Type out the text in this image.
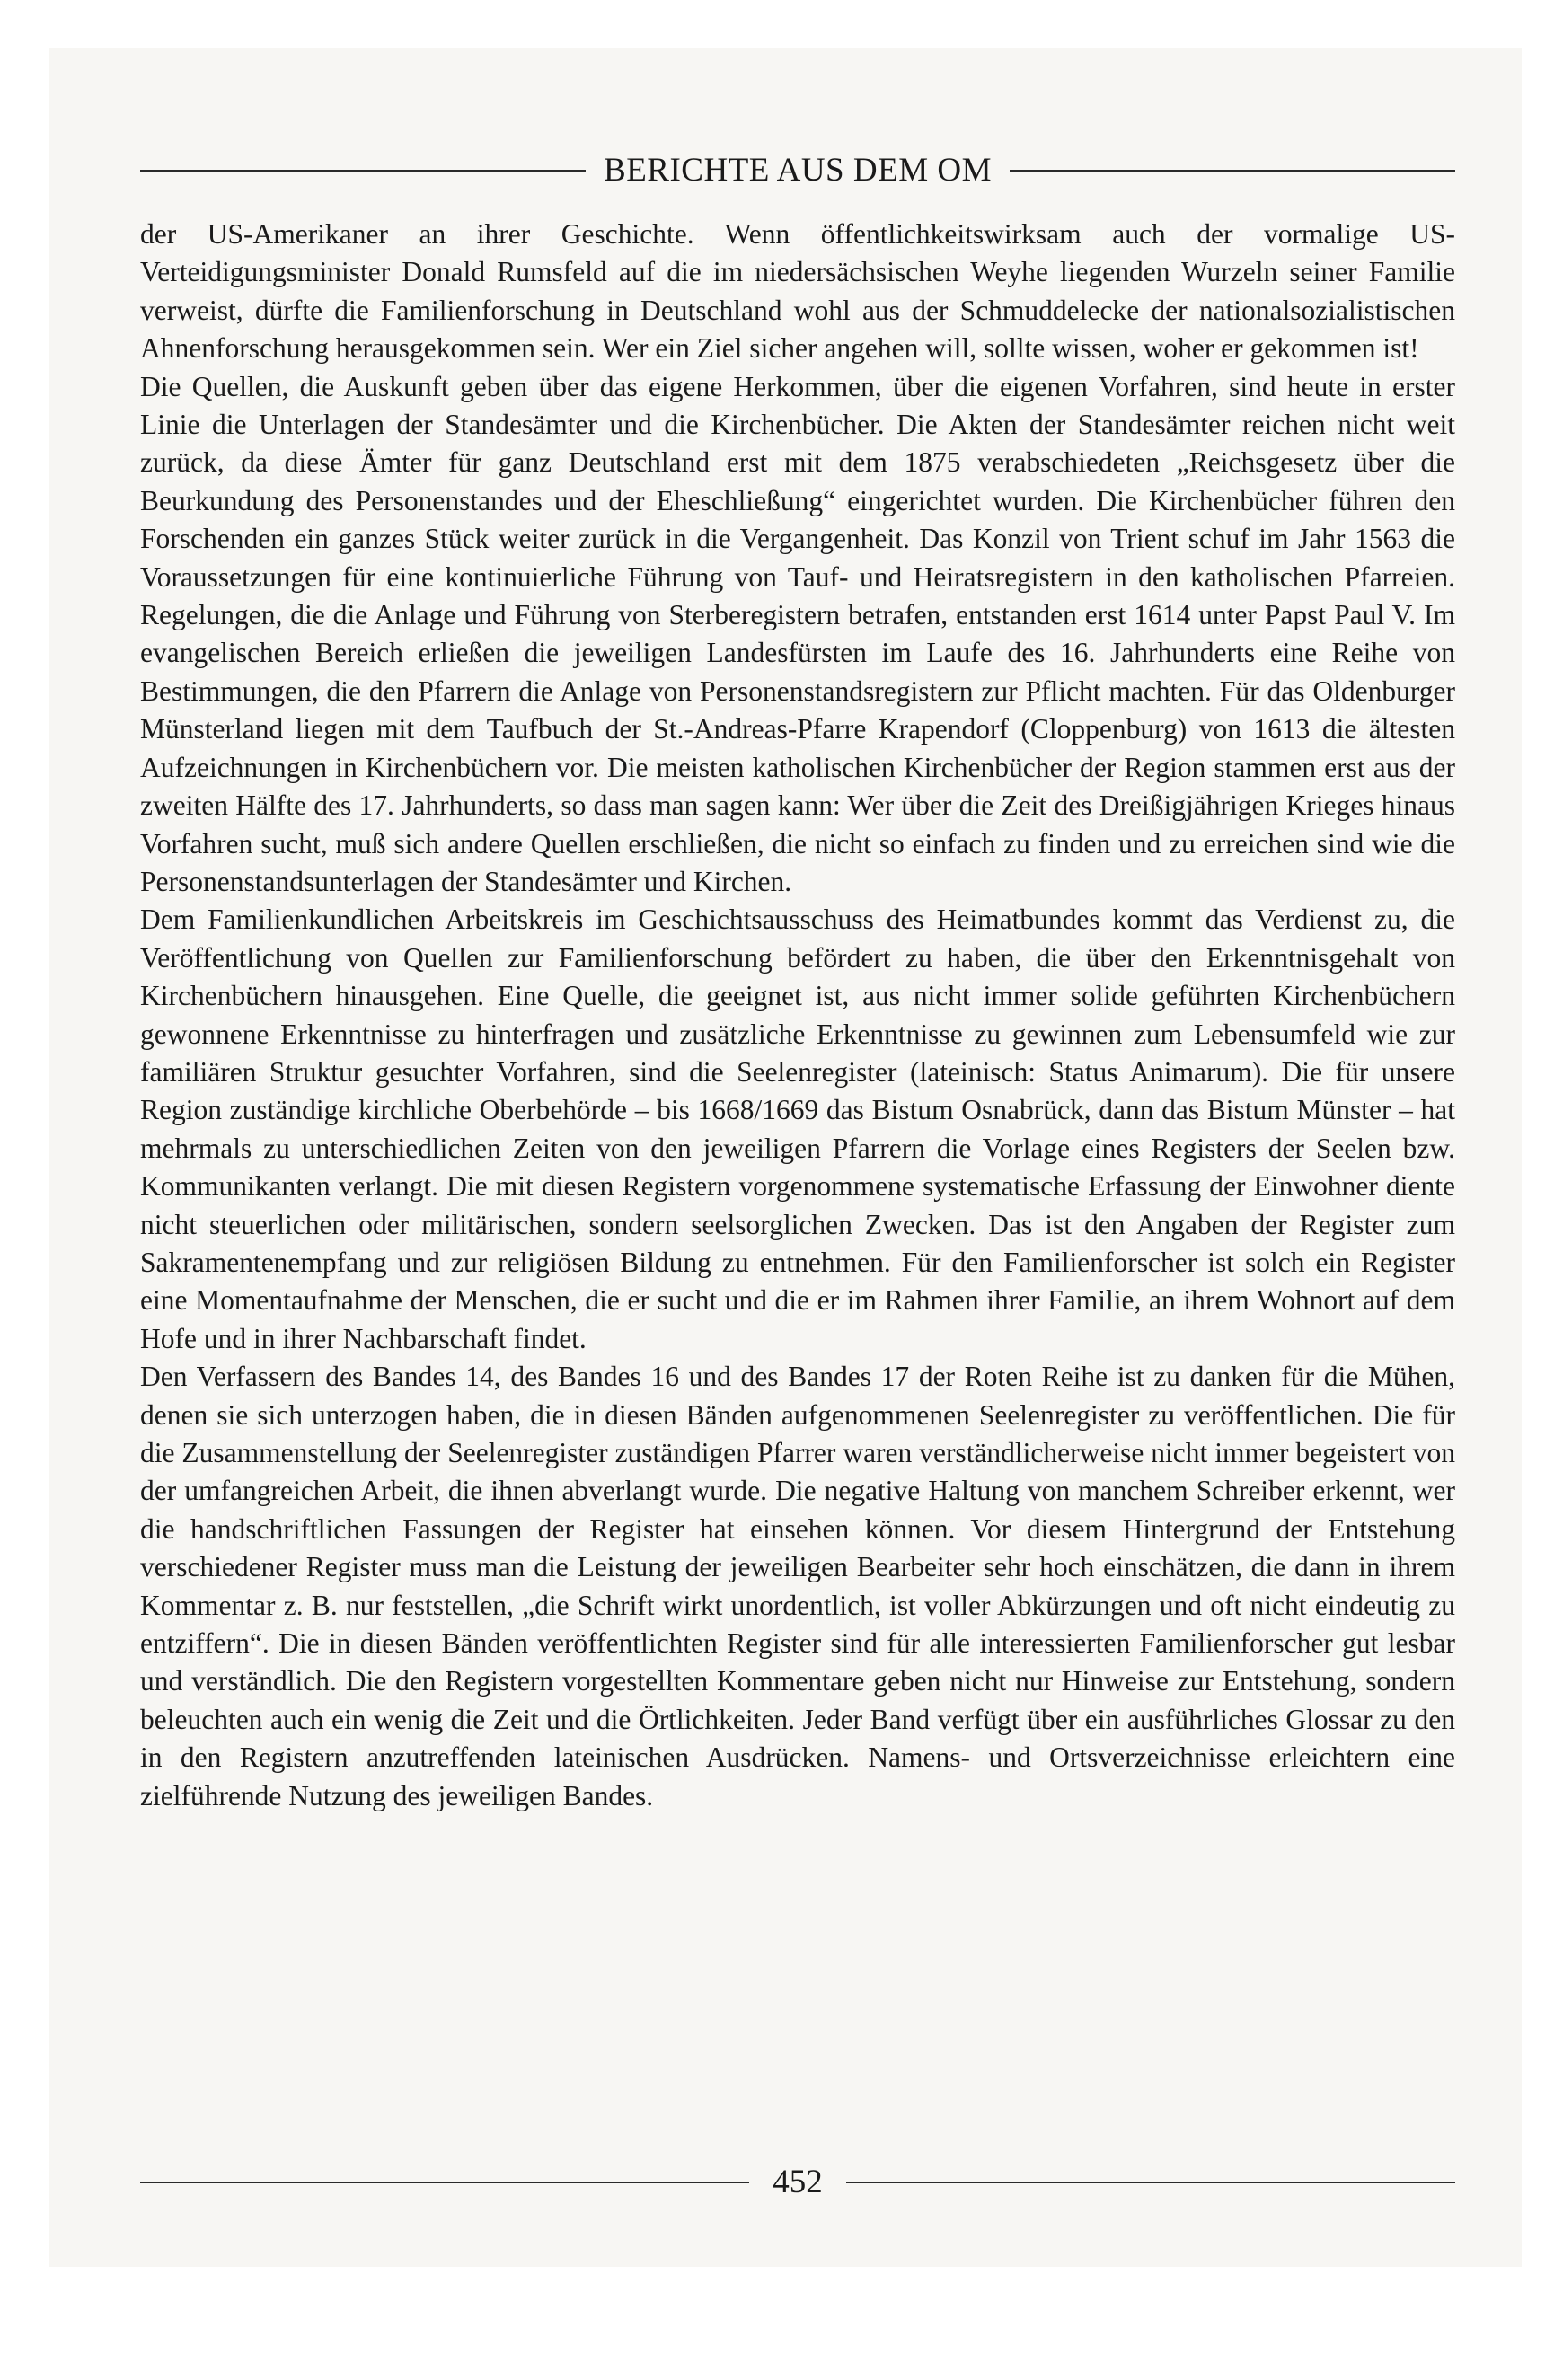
BERICHTE AUS DEM OM

der US-Amerikaner an ihrer Geschichte. Wenn öffentlichkeitswirksam auch der vormalige US-Verteidigungsminister Donald Rumsfeld auf die im niedersächsischen Weyhe liegenden Wurzeln seiner Familie verweist, dürfte die Familienforschung in Deutschland wohl aus der Schmuddelecke der nationalsozialistischen Ahnenforschung herausgekommen sein. Wer ein Ziel sicher angehen will, sollte wissen, woher er gekommen ist!

Die Quellen, die Auskunft geben über das eigene Herkommen, über die eigenen Vorfahren, sind heute in erster Linie die Unterlagen der Standesämter und die Kirchenbücher. Die Akten der Standesämter reichen nicht weit zurück, da diese Ämter für ganz Deutschland erst mit dem 1875 verabschiedeten „Reichsgesetz über die Beurkundung des Personenstandes und der Eheschließung“ eingerichtet wurden. Die Kirchenbücher führen den Forschenden ein ganzes Stück weiter zurück in die Vergangenheit. Das Konzil von Trient schuf im Jahr 1563 die Voraussetzungen für eine kontinuierliche Führung von Tauf- und Heiratsregistern in den katholischen Pfarreien. Regelungen, die die Anlage und Führung von Sterberegistern betrafen, entstanden erst 1614 unter Papst Paul V. Im evangelischen Bereich erließen die jeweiligen Landesfürsten im Laufe des 16. Jahrhunderts eine Reihe von Bestimmungen, die den Pfarrern die Anlage von Personenstandsregistern zur Pflicht machten. Für das Oldenburger Münsterland liegen mit dem Taufbuch der St.-Andreas-Pfarre Krapendorf (Cloppenburg) von 1613 die ältesten Aufzeichnungen in Kirchenbüchern vor. Die meisten katholischen Kirchenbücher der Region stammen erst aus der zweiten Hälfte des 17. Jahrhunderts, so dass man sagen kann: Wer über die Zeit des Dreißigjährigen Krieges hinaus Vorfahren sucht, muß sich andere Quellen erschließen, die nicht so einfach zu finden und zu erreichen sind wie die Personenstandsunterlagen der Standesämter und Kirchen.

Dem Familienkundlichen Arbeitskreis im Geschichtsausschuss des Heimatbundes kommt das Verdienst zu, die Veröffentlichung von Quellen zur Familienforschung befördert zu haben, die über den Erkenntnisgehalt von Kirchenbüchern hinausgehen. Eine Quelle, die geeignet ist, aus nicht immer solide geführten Kirchenbüchern gewonnene Erkenntnisse zu hinterfragen und zusätzliche Erkenntnisse zu gewinnen zum Lebensumfeld wie zur familiären Struktur gesuchter Vorfahren, sind die Seelenregister (lateinisch: Status Animarum). Die für unsere Region zuständige kirchliche Oberbehörde – bis 1668/1669 das Bistum Osnabrück, dann das Bistum Münster – hat mehrmals zu unterschiedlichen Zeiten von den jeweiligen Pfarrern die Vorlage eines Registers der Seelen bzw. Kommunikanten verlangt. Die mit diesen Registern vorgenommene systematische Erfassung der Einwohner diente nicht steuerlichen oder militärischen, sondern seelsorglichen Zwecken. Das ist den Angaben der Register zum Sakramentenempfang und zur religiösen Bildung zu entnehmen. Für den Familienforscher ist solch ein Register eine Momentaufnahme der Menschen, die er sucht und die er im Rahmen ihrer Familie, an ihrem Wohnort auf dem Hofe und in ihrer Nachbarschaft findet.

Den Verfassern des Bandes 14, des Bandes 16 und des Bandes 17 der Roten Reihe ist zu danken für die Mühen, denen sie sich unterzogen haben, die in diesen Bänden aufgenommenen Seelenregister zu veröffentlichen. Die für die Zusammenstellung der Seelenregister zuständigen Pfarrer waren verständlicherweise nicht immer begeistert von der umfangreichen Arbeit, die ihnen abverlangt wurde. Die negative Haltung von manchem Schreiber erkennt, wer die handschriftlichen Fassungen der Register hat einsehen können. Vor diesem Hintergrund der Entstehung verschiedener Register muss man die Leistung der jeweiligen Bearbeiter sehr hoch einschätzen, die dann in ihrem Kommentar z. B. nur feststellen, „die Schrift wirkt unordentlich, ist voller Abkürzungen und oft nicht eindeutig zu entziffern“. Die in diesen Bänden veröffentlichten Register sind für alle interessierten Familienforscher gut lesbar und verständlich. Die den Registern vorgestellten Kommentare geben nicht nur Hinweise zur Entstehung, sondern beleuchten auch ein wenig die Zeit und die Örtlichkeiten. Jeder Band verfügt über ein ausführliches Glossar zu den in den Registern anzutreffenden lateinischen Ausdrücken. Namens- und Ortsverzeichnisse erleichtern eine zielführende Nutzung des jeweiligen Bandes.

452
